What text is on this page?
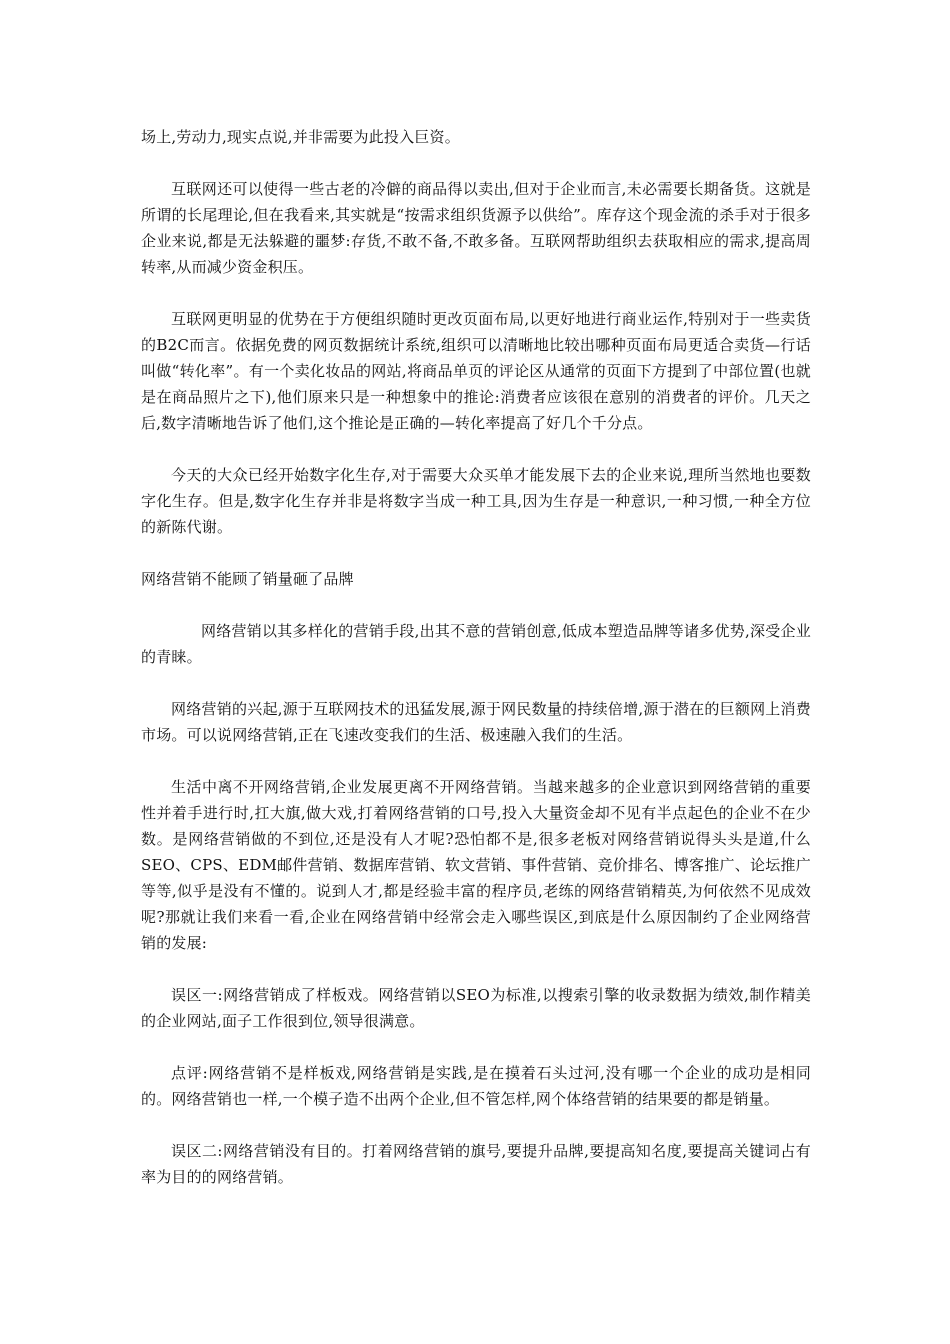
场上,劳动力,现实点说,并非需要为此投入巨资。

互联网还可以使得一些古老的冷僻的商品得以卖出,但对于企业而言,未必需要长期备货。这就是所谓的长尾理论,但在我看来,其实就是“按需求组织货源予以供给”。库存这个现金流的杀手对于很多企业来说,都是无法躲避的噩梦:存货,不敢不备,不敢多备。互联网帮助组织去获取相应的需求,提高周转率,从而减少资金积压。

互联网更明显的优势在于方便组织随时更改页面布局,以更好地进行商业运作,特别对于一些卖货的B2C而言。依据免费的网页数据统计系统,组织可以清晰地比较出哪种页面布局更适合卖货—行话叫做“转化率”。有一个卖化妆品的网站,将商品单页的评论区从通常的页面下方提到了中部位置(也就是在商品照片之下),他们原来只是一种想象中的推论:消费者应该很在意别的消费者的评价。几天之后,数字清晰地告诉了他们,这个推论是正确的—转化率提高了好几个千分点。

今天的大众已经开始数字化生存,对于需要大众买单才能发展下去的企业来说,理所当然地也要数字化生存。但是,数字化生存并非是将数字当成一种工具,因为生存是一种意识,一种习惯,一种全方位的新陈代谢。

网络营销不能顾了销量砸了品牌

网络营销以其多样化的营销手段,出其不意的营销创意,低成本塑造品牌等诸多优势,深受企业的青睐。

网络营销的兴起,源于互联网技术的迅猛发展,源于网民数量的持续倍增,源于潜在的巨额网上消费市场。可以说网络营销,正在飞速改变我们的生活、极速融入我们的生活。

生活中离不开网络营销,企业发展更离不开网络营销。当越来越多的企业意识到网络营销的重要性并着手进行时,扛大旗,做大戏,打着网络营销的口号,投入大量资金却不见有半点起色的企业不在少数。是网络营销做的不到位,还是没有人才呢?恐怕都不是,很多老板对网络营销说得头头是道,什么SEO、CPS、EDM邮件营销、数据库营销、软文营销、事件营销、竞价排名、博客推广、论坛推广等等,似乎是没有不懂的。说到人才,都是经验丰富的程序员,老练的网络营销精英,为何依然不见成效呢?那就让我们来看一看,企业在网络营销中经常会走入哪些误区,到底是什么原因制约了企业网络营销的发展:

误区一:网络营销成了样板戏。网络营销以SEO为标准,以搜索引擎的收录数据为绩效,制作精美的企业网站,面子工作很到位,领导很满意。

点评:网络营销不是样板戏,网络营销是实践,是在摸着石头过河,没有哪一个企业的成功是相同的。网络营销也一样,一个模子造不出两个企业,但不管怎样,网个体络营销的结果要的都是销量。

误区二:网络营销没有目的。打着网络营销的旗号,要提升品牌,要提高知名度,要提高关键词占有率为目的的网络营销。
